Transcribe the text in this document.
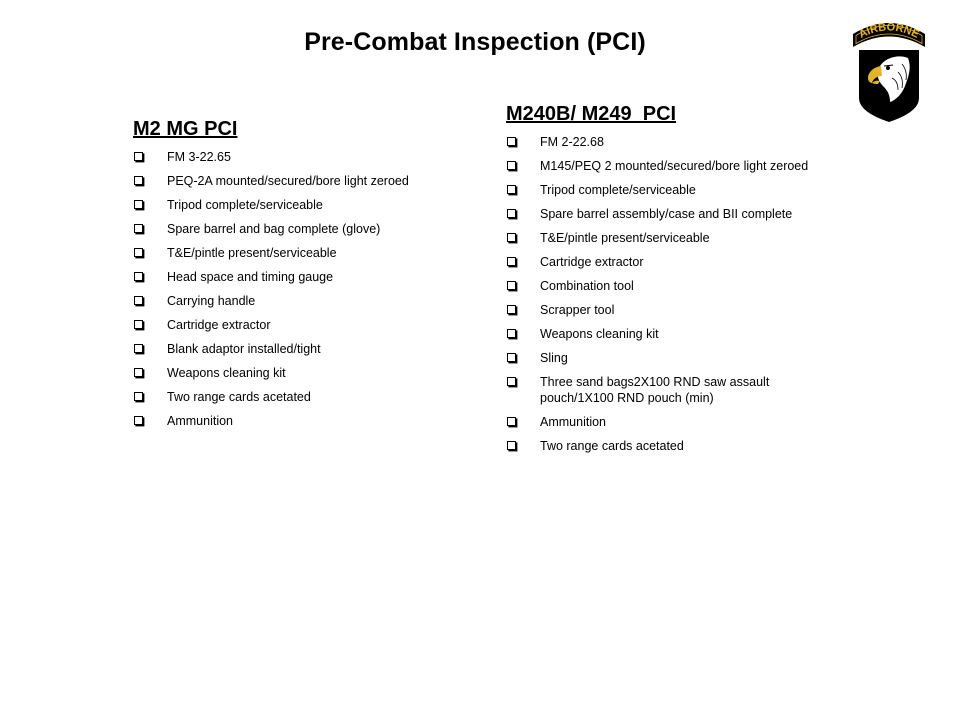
Pre-Combat Inspection (PCI)	AIRBORNE
M2 MG PCI
FM 3-22.65
PEQ-2A mounted/secured/bore light zeroed
Tripod complete/serviceable
Spare barrel and bag complete (glove)
T&E/pintle present/serviceable
Head space and timing gauge
Carrying handle
Cartridge extractor
Blank adaptor installed/tight
Weapons cleaning kit
Two range cards acetated
Ammunition
M240B/ M249  PCI
FM 2-22.68
M145/PEQ 2 mounted/secured/bore light zeroed
Tripod complete/serviceable
Spare barrel assembly/case and BII complete
T&E/pintle present/serviceable
Cartridge extractor
Combination tool
Scrapper tool
Weapons cleaning kit
Sling
Three sand bags2X100 RND saw assault pouch/1X100 RND pouch (min)
Ammunition
Two range cards acetated
